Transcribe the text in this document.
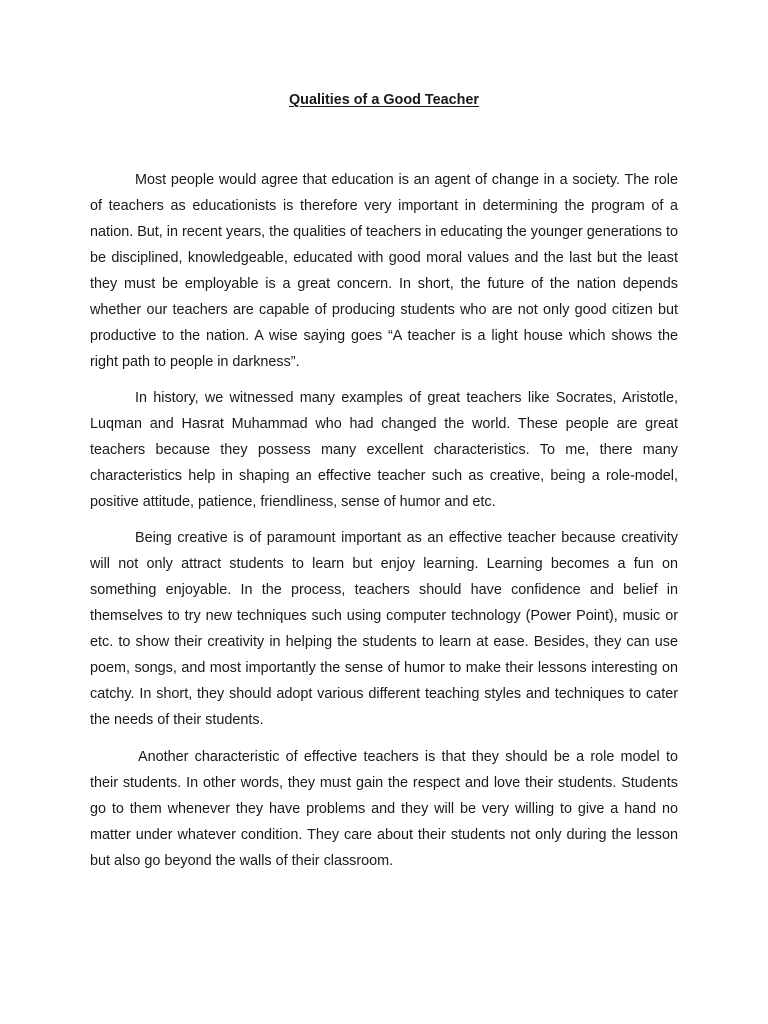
Qualities of a Good Teacher

Most people would agree that education is an agent of change in a society. The role of teachers as educationists is therefore very important in determining the program of a nation. But, in recent years, the qualities of teachers in educating the younger generations to be disciplined, knowledgeable, educated with good moral values and the last but the least they must be employable is a great concern. In short, the future of the nation depends whether our teachers are capable of producing students who are not only good citizen but productive to the nation. A wise saying goes “A teacher is a light house which shows the right path to people in darkness”.

In history, we witnessed many examples of great teachers like Socrates, Aristotle, Luqman and Hasrat Muhammad who had changed the world. These people are great teachers because they possess many excellent characteristics. To me, there many characteristics help in shaping an effective teacher such as creative, being a role-model, positive attitude, patience, friendliness, sense of humor and etc.

Being creative is of paramount important as an effective teacher because creativity will not only attract students to learn but enjoy learning. Learning becomes a fun on something enjoyable. In the process, teachers should have confidence and belief in themselves to try new techniques such using computer technology (Power Point), music or etc. to show their creativity in helping the students to learn at ease. Besides, they can use poem, songs, and most importantly the sense of humor to make their lessons interesting on catchy. In short, they should adopt various different teaching styles and techniques to cater the needs of their students.

Another characteristic of effective teachers is that they should be a role model to their students. In other words, they must gain the respect and love their students. Students go to them whenever they have problems and they will be very willing to give a hand no matter under whatever condition. They care about their students not only during the lesson but also go beyond the walls of their classroom.
